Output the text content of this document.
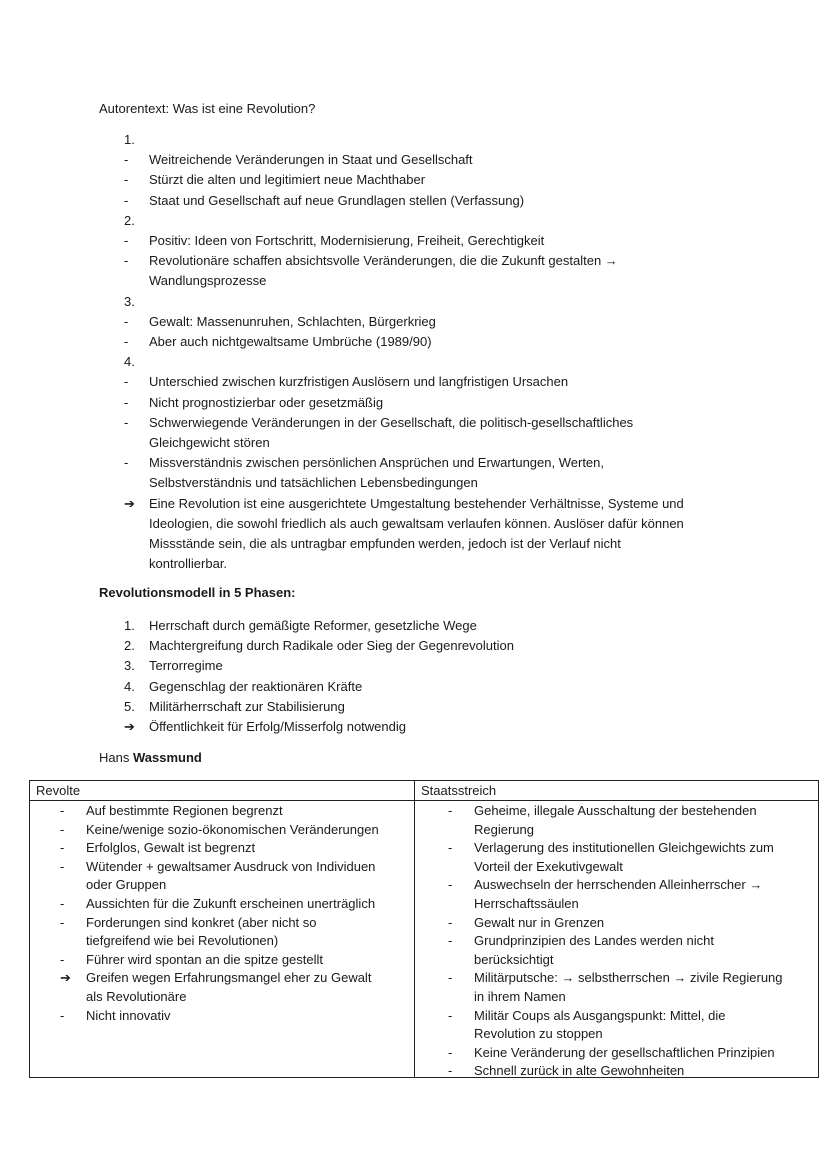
Autorentext: Was ist eine Revolution?
1.
-	Weitreichende Veränderungen in Staat und Gesellschaft
-	Stürzt die alten und legitimiert neue Machthaber
-	Staat und Gesellschaft auf neue Grundlagen stellen (Verfassung)
2.
-	Positiv: Ideen von Fortschritt, Modernisierung, Freiheit, Gerechtigkeit
-	Revolutionäre schaffen absichtsvolle Veränderungen, die die Zukunft gestalten →
Wandlungsprozesse
3.
-	Gewalt: Massenunruhen, Schlachten, Bürgerkrieg
-	Aber auch nichtgewaltsame Umbrüche (1989/90)
4.
-	Unterschied zwischen kurzfristigen Auslösern und langfristigen Ursachen
-	Nicht prognostizierbar oder gesetzmäßig
-	Schwerwiegende Veränderungen in der Gesellschaft, die politisch-gesellschaftliches
Gleichgewicht stören
-	Missverständnis zwischen persönlichen Ansprüchen und Erwartungen, Werten,
Selbstverständnis und tatsächlichen Lebensbedingungen
➔	Eine Revolution ist eine ausgerichtete Umgestaltung bestehender Verhältnisse, Systeme und
Ideologien, die sowohl friedlich als auch gewaltsam verlaufen können. Auslöser dafür können
Missstände sein, die als untragbar empfunden werden, jedoch ist der Verlauf nicht
kontrollierbar.
Revolutionsmodell in 5 Phasen:
1.	Herrschaft durch gemäßigte Reformer, gesetzliche Wege
2.	Machtergreifung durch Radikale oder Sieg der Gegenrevolution
3.	Terrorregime
4.	Gegenschlag der reaktionären Kräfte
5.	Militärherrschaft zur Stabilisierung
➔	Öffentlichkeit für Erfolg/Misserfolg notwendig
Hans Wassmund
Revolte
-	Auf bestimmte Regionen begrenzt
-	Keine/wenige sozio-ökonomischen Veränderungen
-	Erfolglos, Gewalt ist begrenzt
-	Wütender + gewaltsamer Ausdruck von Individuen
oder Gruppen
-	Aussichten für die Zukunft erscheinen unerträglich
-	Forderungen sind konkret (aber nicht so
tiefgreifend wie bei Revolutionen)
-	Führer wird spontan an die spitze gestellt
➔	Greifen wegen Erfahrungsmangel eher zu Gewalt
als Revolutionäre
-	Nicht innovativ
Staatsstreich
-	Geheime, illegale Ausschaltung der bestehenden
Regierung
-	Verlagerung des institutionellen Gleichgewichts zum
Vorteil der Exekutivgewalt
-	Auswechseln der herrschenden Alleinherrscher →
Herrschaftssäulen
-	Gewalt nur in Grenzen
-	Grundprinzipien des Landes werden nicht
berücksichtigt
-	Militärputsche: → selbstherrschen → zivile Regierung
in ihrem Namen
-	Militär Coups als Ausgangspunkt: Mittel, die
Revolution zu stoppen
-	Keine Veränderung der gesellschaftlichen Prinzipien
-	Schnell zurück in alte Gewohnheiten
